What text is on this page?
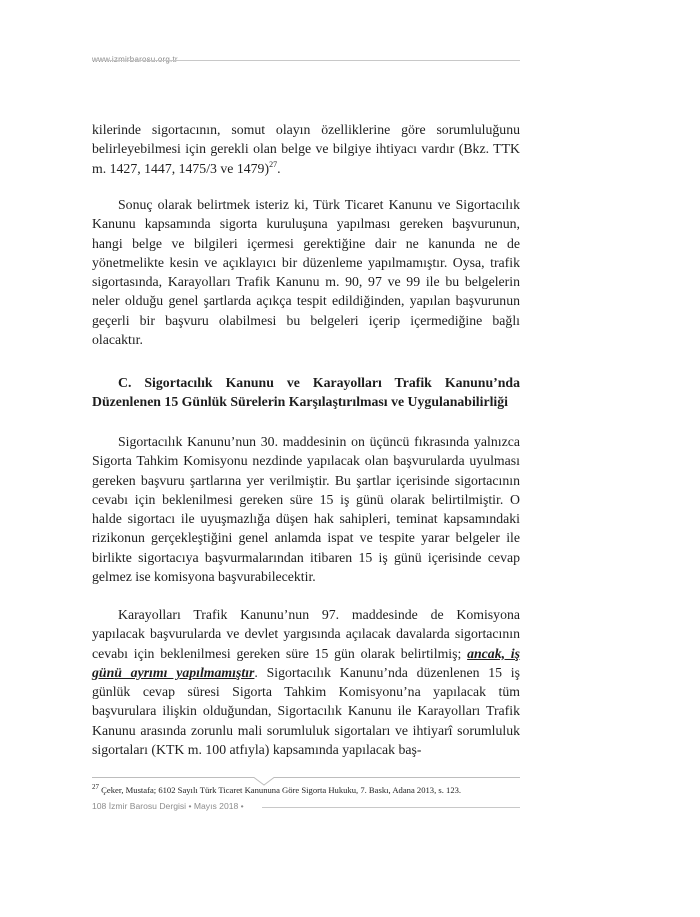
www.izmirbarosu.org.tr

kilerinde sigortacının, somut olayın özelliklerine göre sorumluluğunu belirleyebilmesi için gerekli olan belge ve bilgiye ihtiyacı vardır (Bkz. TTK m. 1427, 1447, 1475/3 ve 1479)$^{27}$.

Sonuç olarak belirtmek isteriz ki, Türk Ticaret Kanunu ve Sigortacılık Kanunu kapsamında sigorta kuruluşuna yapılması gereken başvurunun, hangi belge ve bilgileri içermesi gerektiğine dair ne kanunda ne de yönetmelikte kesin ve açıklayıcı bir düzenleme yapılmamıştır. Oysa, trafik sigortasında, Karayolları Trafik Kanunu m. 90, 97 ve 99 ile bu belgelerin neler olduğu genel şartlarda açıkça tespit edildiğinden, yapılan başvurunun geçerli bir başvuru olabilmesi bu belgeleri içerip içermediğine bağlı olacaktır.

C. Sigortacılık Kanunu ve Karayolları Trafik Kanunu’nda Düzenlenen 15 Günlük Sürelerin Karşılaştırılması ve Uygulanabilirliği

Sigortacılık Kanunu’nun 30. maddesinin on üçüncü fıkrasında yalnızca Sigorta Tahkim Komisyonu nezdinde yapılacak olan başvurularda uyulması gereken başvuru şartlarına yer verilmiştir. Bu şartlar içerisinde sigortacının cevabı için beklenilmesi gereken süre 15 iş günü olarak belirtilmiştir. O halde sigortacı ile uyuşmazlığa düşen hak sahipleri, teminat kapsamındaki rizikonun gerçekleştiğini genel anlamda ispat ve tespite yarar belgeler ile birlikte sigortacıya başvurmalarından itibaren 15 iş günü içerisinde cevap gelmez ise komisyona başvurabilecektir.

Karayolları Trafik Kanunu’nun 97. maddesinde de Komisyona yapılacak başvurularda ve devlet yargısında açılacak davalarda sigortacının cevabı için beklenilmesi gereken süre 15 gün olarak belirtilmiş; ancak, iş günü ayrımı yapılmamıştır. Sigortacılık Kanunu’nda düzenlenen 15 iş günlük cevap süresi Sigorta Tahkim Komisyonu’na yapılacak tüm başvurulara ilişkin olduğundan, Sigortacılık Kanunu ile Karayolları Trafik Kanunu arasında zorunlu mali sorumluluk sigortaları ve ihtiyarî sorumluluk sigortaları (KTK m. 100 atfıyla) kapsamında yapılacak baş-

$^{27}$ Çeker, Mustafa; 6102 Sayılı Türk Ticaret Kanununa Göre Sigorta Hukuku, 7. Baskı, Adana 2013, s. 123.
108 İzmir Barosu Dergisi • Mayıs 2018 •
